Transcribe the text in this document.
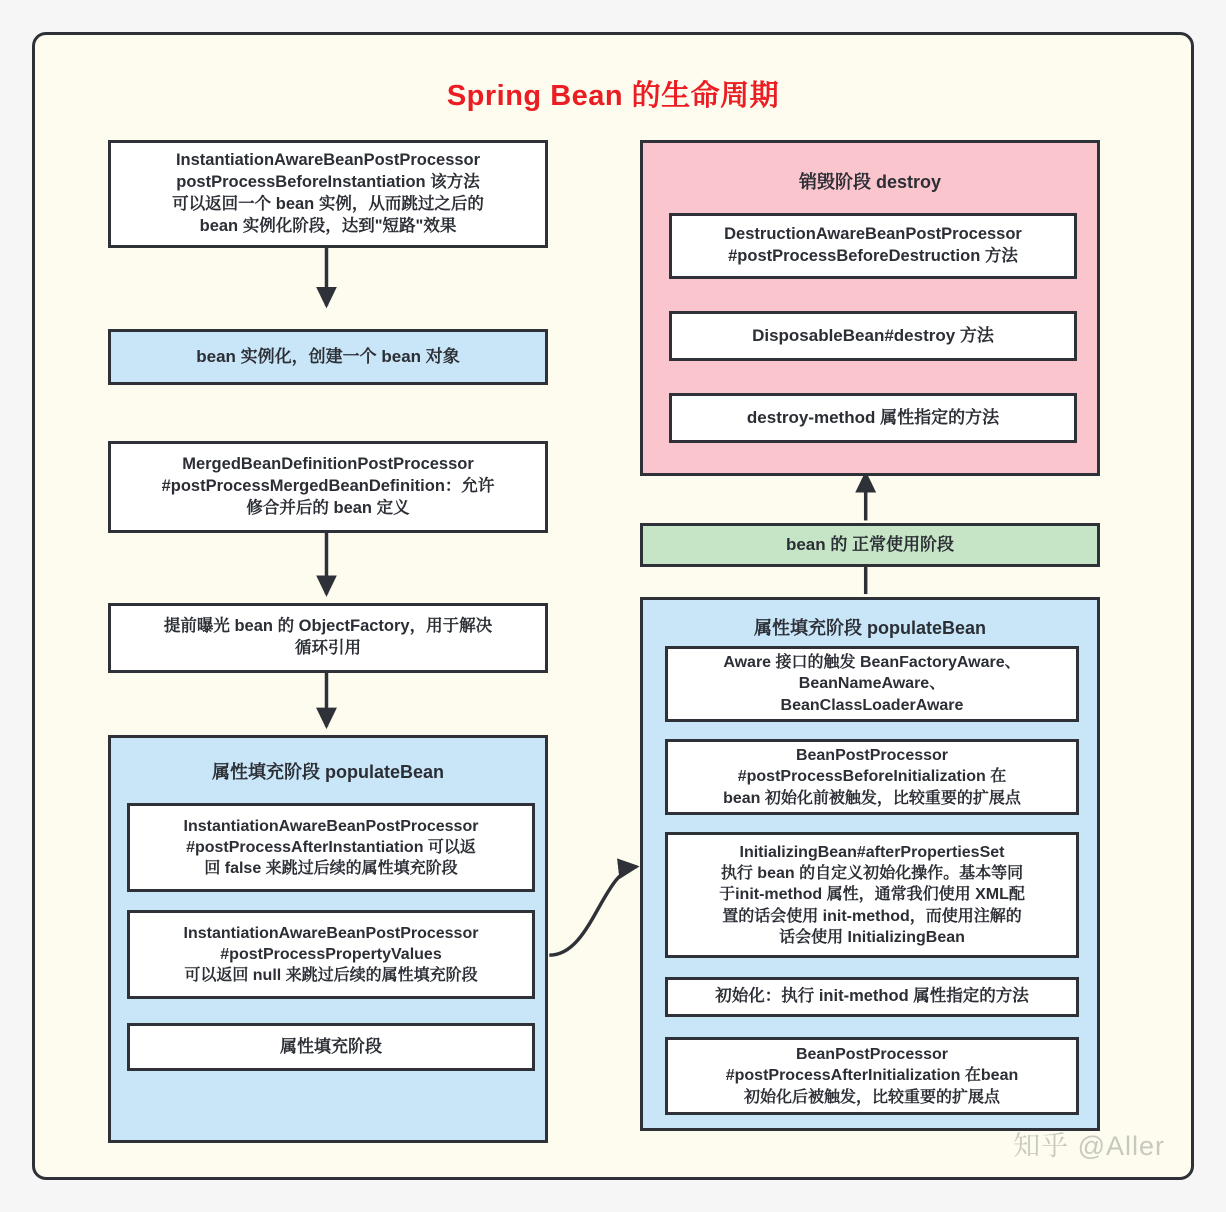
Spring Bean 的生命周期
InstantiationAwareBeanPostProcessor
postProcessBeforeInstantiation 该方法
可以返回一个 bean 实例，从而跳过之后的
bean 实例化阶段，达到"短路"效果
bean 实例化，创建一个 bean 对象
MergedBeanDefinitionPostProcessor
#postProcessMergedBeanDefinition：允许
修合并后的 bean 定义
提前曝光 bean 的 ObjectFactory，用于解决
循环引用
属性填充阶段 populateBean
InstantiationAwareBeanPostProcessor
#postProcessAfterInstantiation 可以返
回 false 来跳过后续的属性填充阶段
InstantiationAwareBeanPostProcessor
#postProcessPropertyValues
可以返回 null 来跳过后续的属性填充阶段
属性填充阶段
销毁阶段 destroy
DestructionAwareBeanPostProcessor
#postProcessBeforeDestruction 方法
DisposableBean#destroy 方法
destroy-method 属性指定的方法
bean 的 正常使用阶段
属性填充阶段 populateBean
Aware 接口的触发 BeanFactoryAware、
BeanNameAware、
BeanClassLoaderAware
BeanPostProcessor
#postProcessBeforeInitialization 在
bean 初始化前被触发，比较重要的扩展点
InitializingBean#afterPropertiesSet
执行 bean 的自定义初始化操作。基本等同
于init-method 属性，通常我们使用 XML配
置的话会使用 init-method，而使用注解的
话会使用 InitializingBean
初始化：执行 init-method 属性指定的方法
BeanPostProcessor
#postProcessAfterInitialization 在bean
初始化后被触发，比较重要的扩展点
知乎 @Aller
